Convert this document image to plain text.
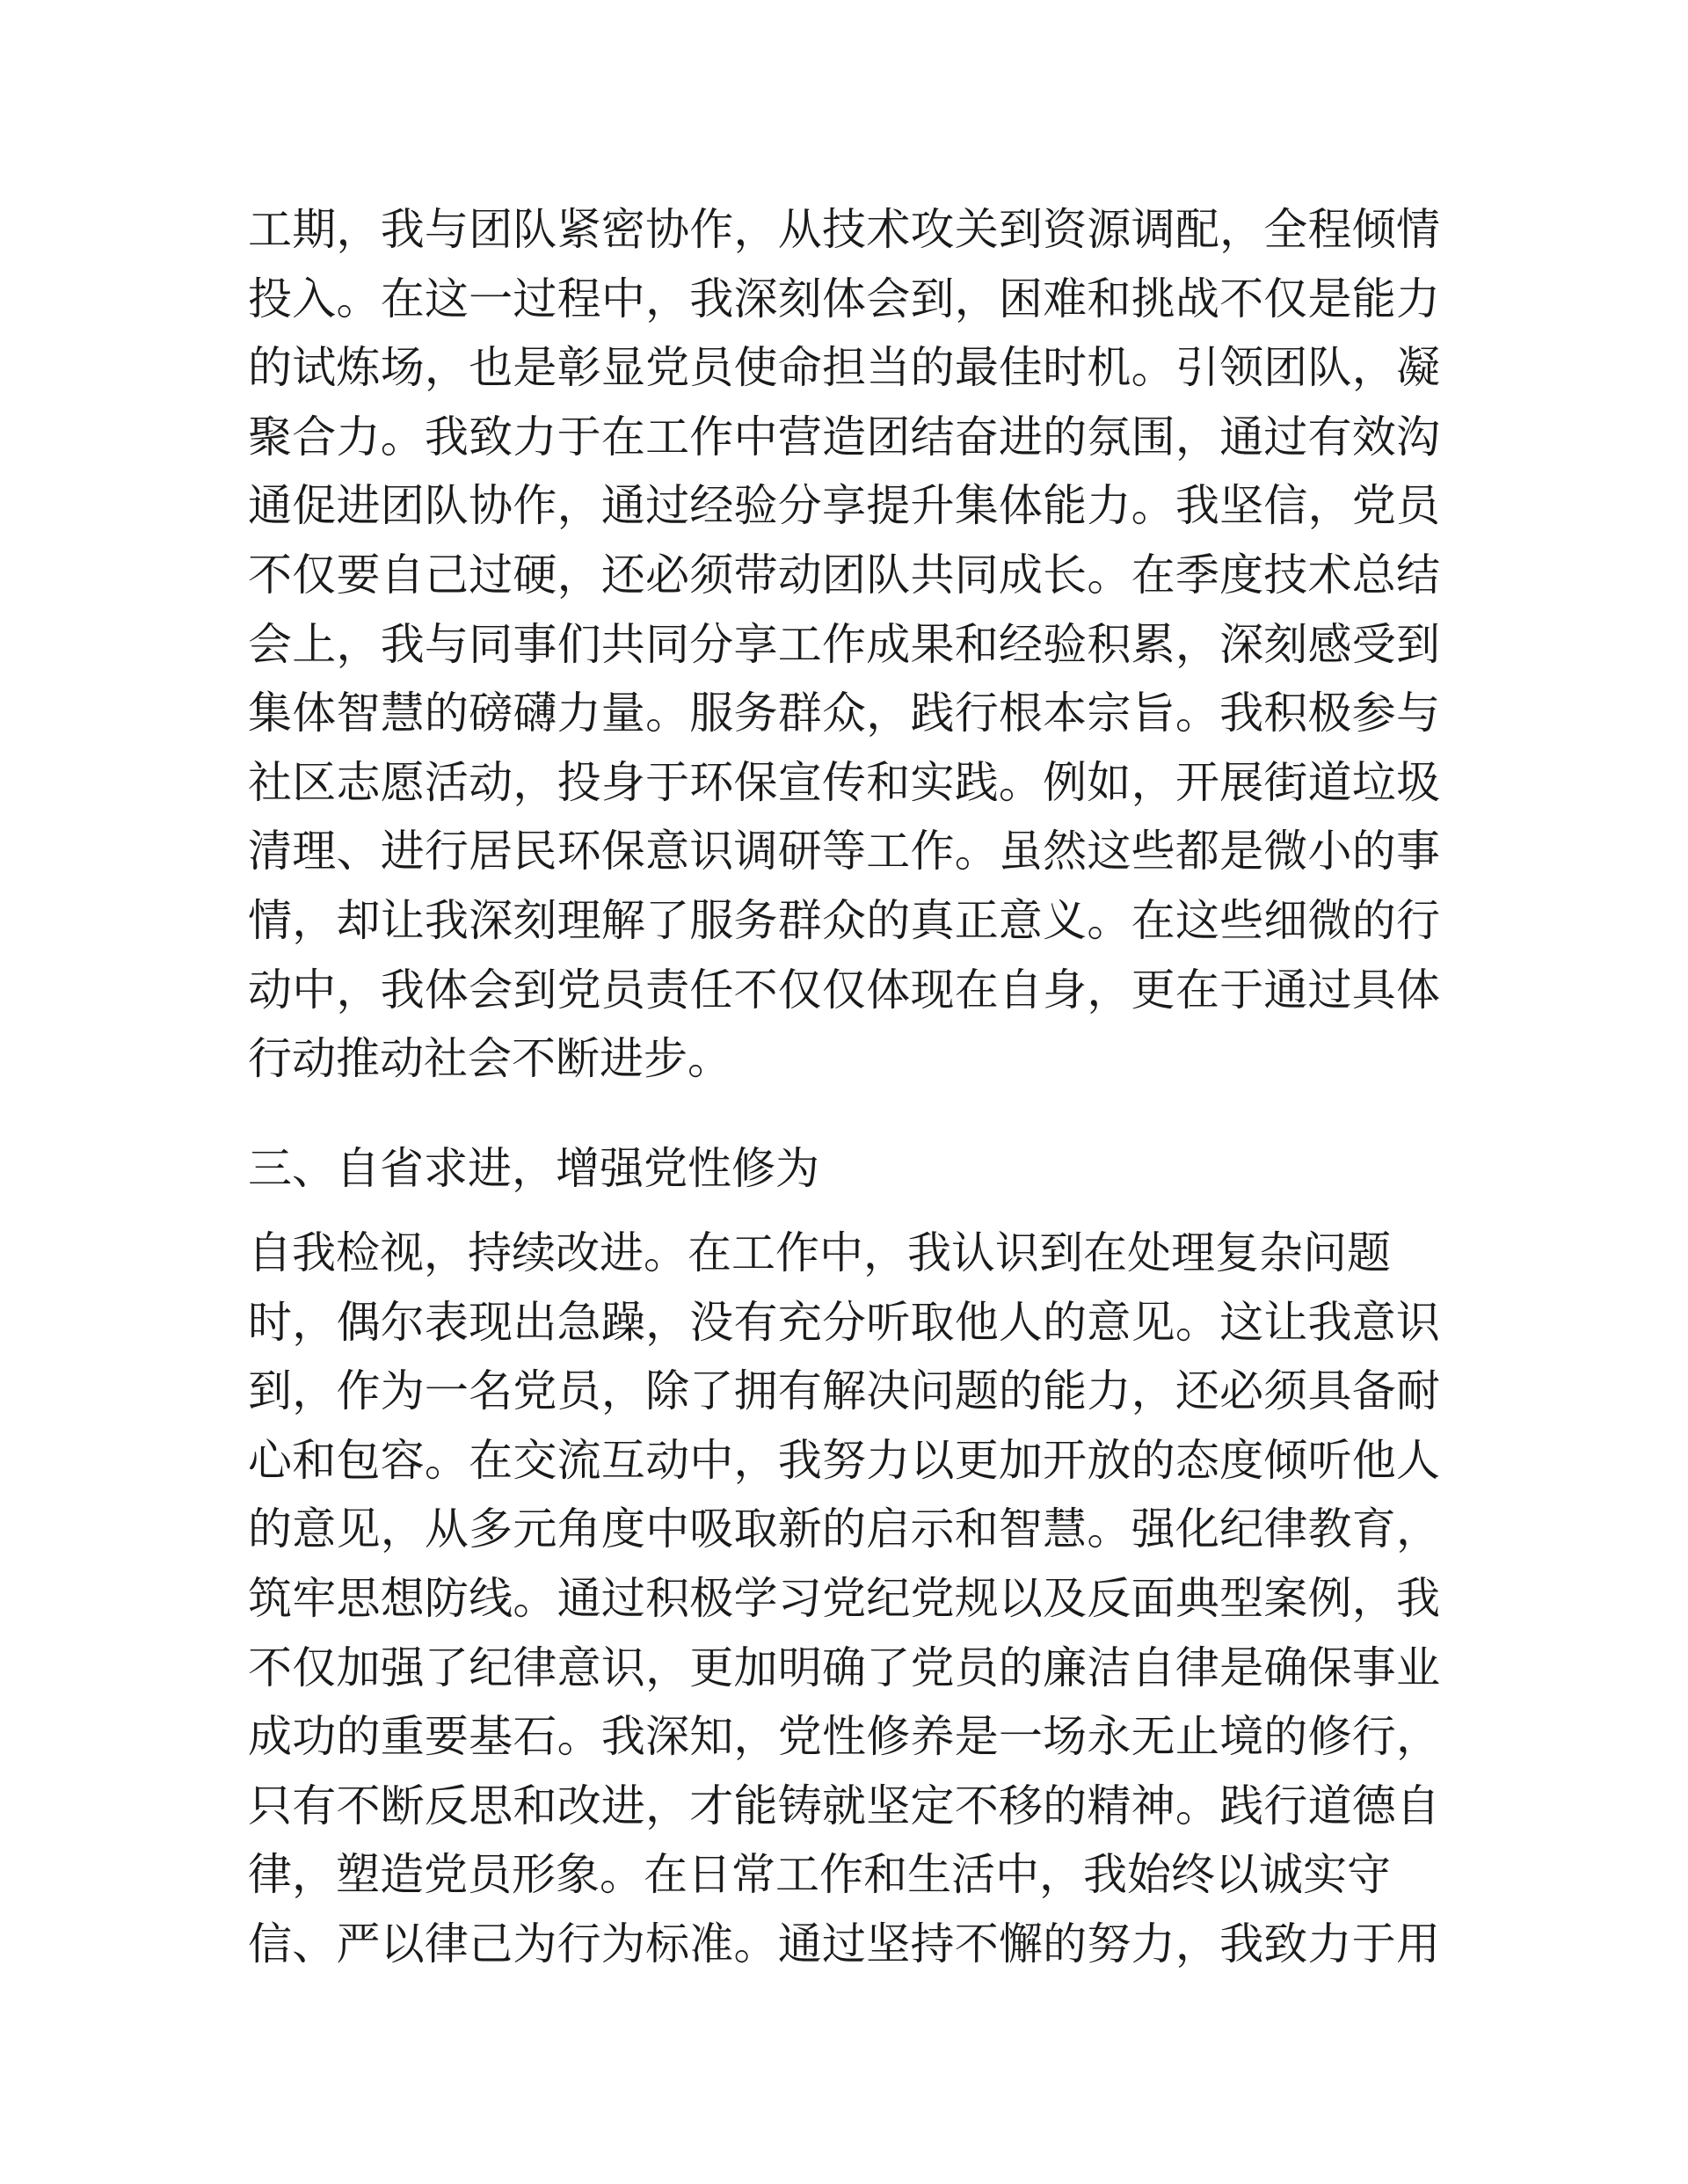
工期，我与团队紧密协作，从技术攻关到资源调配，全程倾情
投入。在这一过程中，我深刻体会到，困难和挑战不仅是能力
的试炼场，也是彰显党员使命担当的最佳时机。引领团队，凝
聚合力。我致力于在工作中营造团结奋进的氛围，通过有效沟
通促进团队协作，通过经验分享提升集体能力。我坚信，党员
不仅要自己过硬，还必须带动团队共同成长。在季度技术总结
会上，我与同事们共同分享工作成果和经验积累，深刻感受到
集体智慧的磅礴力量。服务群众，践行根本宗旨。我积极参与
社区志愿活动，投身于环保宣传和实践。例如，开展街道垃圾
清理、进行居民环保意识调研等工作。虽然这些都是微小的事
情，却让我深刻理解了服务群众的真正意义。在这些细微的行
动中，我体会到党员责任不仅仅体现在自身，更在于通过具体
行动推动社会不断进步。
三、自省求进，增强党性修为
自我检视，持续改进。在工作中，我认识到在处理复杂问题
时，偶尔表现出急躁，没有充分听取他人的意见。这让我意识
到，作为一名党员，除了拥有解决问题的能力，还必须具备耐
心和包容。在交流互动中，我努力以更加开放的态度倾听他人
的意见，从多元角度中吸取新的启示和智慧。强化纪律教育，
筑牢思想防线。通过积极学习党纪党规以及反面典型案例，我
不仅加强了纪律意识，更加明确了党员的廉洁自律是确保事业
成功的重要基石。我深知，党性修养是一场永无止境的修行，
只有不断反思和改进，才能铸就坚定不移的精神。践行道德自
律，塑造党员形象。在日常工作和生活中，我始终以诚实守
信、严以律己为行为标准。通过坚持不懈的努力，我致力于用
